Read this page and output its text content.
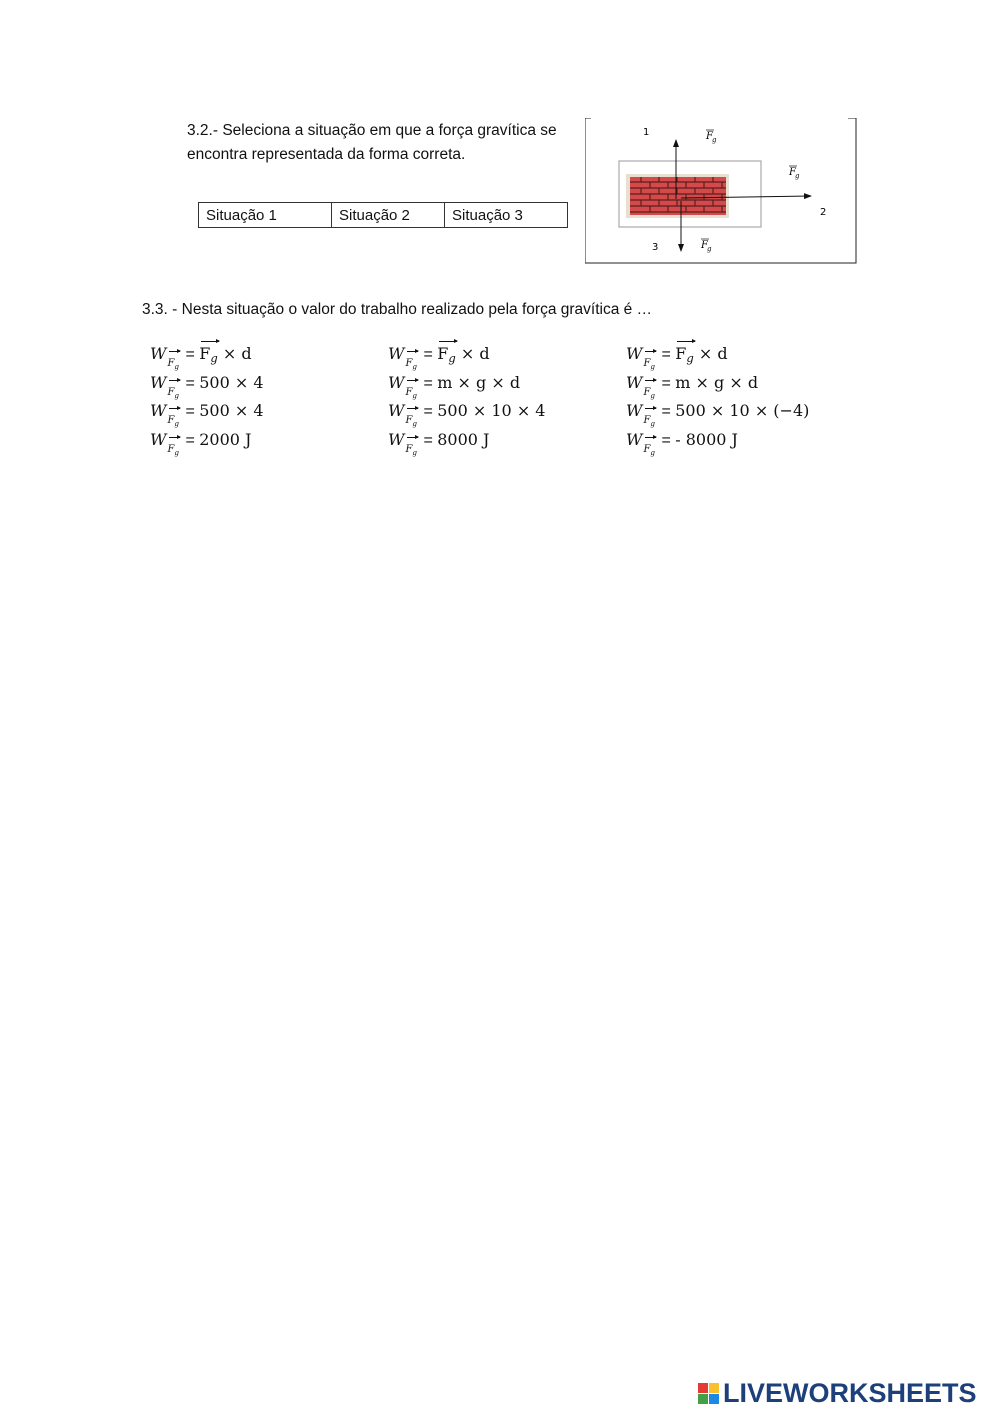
3.2.- Seleciona a situação em que a força gravítica se
encontra representada da forma correta.
Situação 1	Situação 2	Situação 3
1
2
3
F g
F g
F g
3.3. - Nesta situação o valor do trabalho realizado pela força gravítica é …
$WF_g = Fg \times d$
$WF_g = 500 \times 4$
$WF_g = 500 \times 4$
$WF_g = 2000$ J
$WF_g = Fg \times d$
$WF_g = m \times g \times d$
$WF_g = 500 \times 10 \times 4$
$WF_g = 8000$ J
$WF_g = Fg \times d$
$WF_g = m \times g \times d$
$WF_g = 500 \times 10 \times (-4)$
$WF_g$ = - 8000 J
LIVEWORKSHEETS
